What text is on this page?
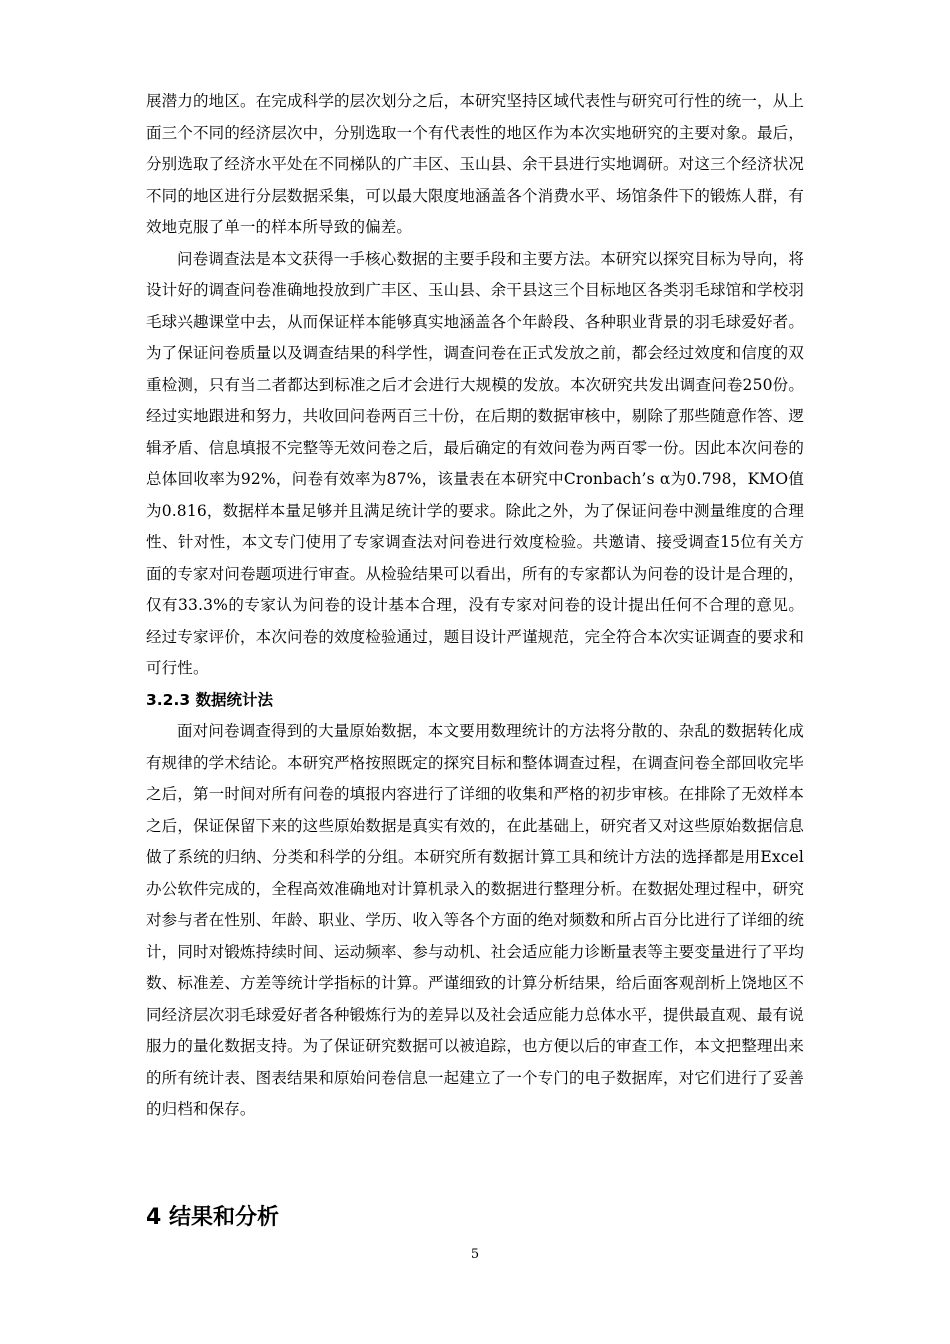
展潜力的地区。在完成科学的层次划分之后，本研究坚持区域代表性与研究可行性的统一，从上面三个不同的经济层次中，分别选取一个有代表性的地区作为本次实地研究的主要对象。最后，分别选取了经济水平处在不同梯队的广丰区、玉山县、余干县进行实地调研。对这三个经济状况不同的地区进行分层数据采集，可以最大限度地涵盖各个消费水平、场馆条件下的锻炼人群，有效地克服了单一的样本所导致的偏差。

问卷调查法是本文获得一手核心数据的主要手段和主要方法。本研究以探究目标为导向，将设计好的调查问卷准确地投放到广丰区、玉山县、余干县这三个目标地区各类羽毛球馆和学校羽毛球兴趣课堂中去，从而保证样本能够真实地涵盖各个年龄段、各种职业背景的羽毛球爱好者。为了保证问卷质量以及调查结果的科学性，调查问卷在正式发放之前，都会经过效度和信度的双重检测，只有当二者都达到标准之后才会进行大规模的发放。本次研究共发出调查问卷250份。经过实地跟进和努力，共收回问卷两百三十份，在后期的数据审核中，剔除了那些随意作答、逻辑矛盾、信息填报不完整等无效问卷之后，最后确定的有效问卷为两百零一份。因此本次问卷的总体回收率为92%，问卷有效率为87%，该量表在本研究中Cronbach’s α为0.798，KMO值为0.816，数据样本量足够并且满足统计学的要求。除此之外，为了保证问卷中测量维度的合理性、针对性，本文专门使用了专家调查法对问卷进行效度检验。共邀请、接受调查15位有关方面的专家对问卷题项进行审查。从检验结果可以看出，所有的专家都认为问卷的设计是合理的，仅有33.3%的专家认为问卷的设计基本合理，没有专家对问卷的设计提出任何不合理的意见。经过专家评价，本次问卷的效度检验通过，题目设计严谨规范，完全符合本次实证调查的要求和可行性。

3.2.3 数据统计法

面对问卷调查得到的大量原始数据，本文要用数理统计的方法将分散的、杂乱的数据转化成有规律的学术结论。本研究严格按照既定的探究目标和整体调查过程，在调查问卷全部回收完毕之后，第一时间对所有问卷的填报内容进行了详细的收集和严格的初步审核。在排除了无效样本之后，保证保留下来的这些原始数据是真实有效的，在此基础上，研究者又对这些原始数据信息做了系统的归纳、分类和科学的分组。本研究所有数据计算工具和统计方法的选择都是用Excel办公软件完成的，全程高效准确地对计算机录入的数据进行整理分析。在数据处理过程中，研究对参与者在性别、年龄、职业、学历、收入等各个方面的绝对频数和所占百分比进行了详细的统计，同时对锻炼持续时间、运动频率、参与动机、社会适应能力诊断量表等主要变量进行了平均数、标准差、方差等统计学指标的计算。严谨细致的计算分析结果，给后面客观剖析上饶地区不同经济层次羽毛球爱好者各种锻炼行为的差异以及社会适应能力总体水平，提供最直观、最有说服力的量化数据支持。为了保证研究数据可以被追踪，也方便以后的审查工作，本文把整理出来的所有统计表、图表结果和原始问卷信息一起建立了一个专门的电子数据库，对它们进行了妥善的归档和保存。

4 结果和分析
5
